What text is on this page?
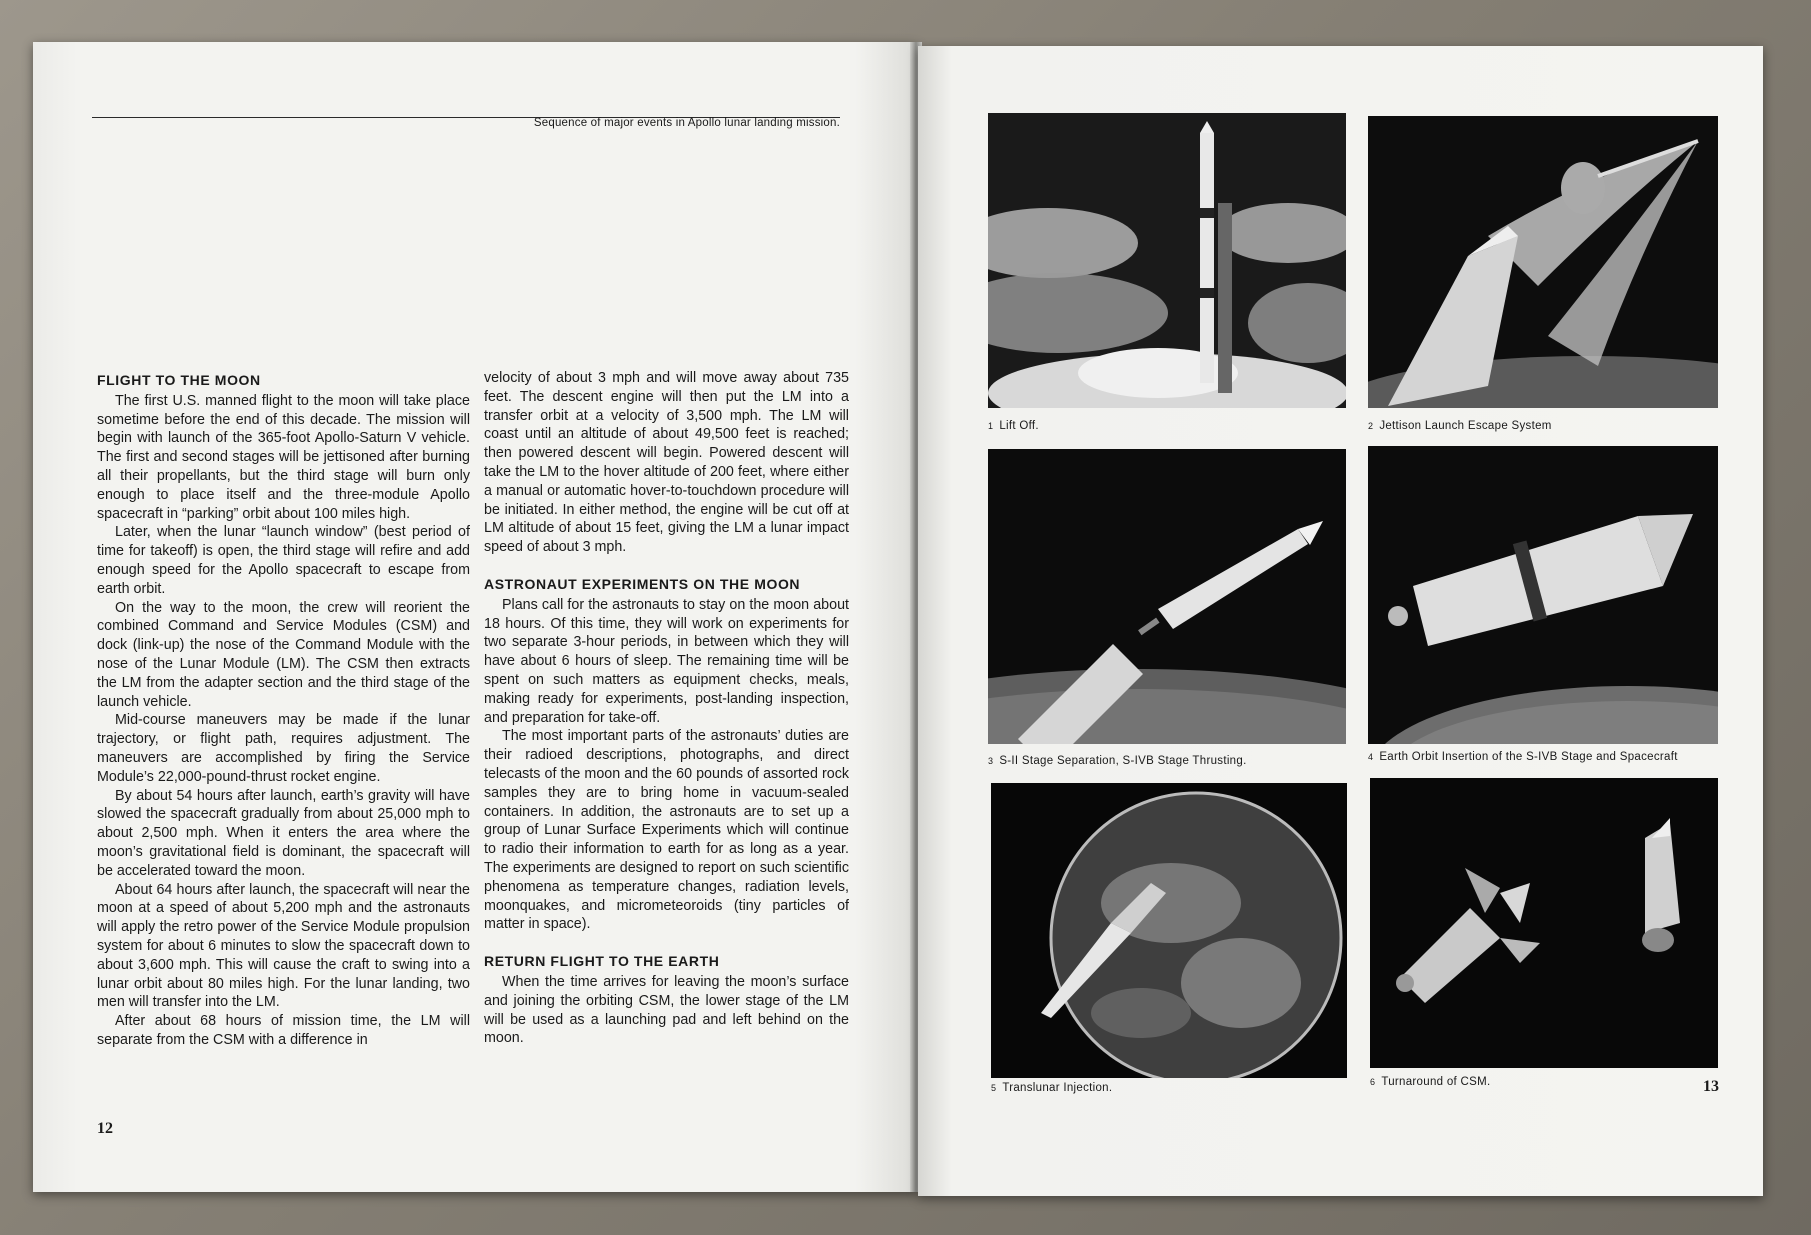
Sequence of major events in Apollo lunar landing mission.
FLIGHT TO THE MOON

The first U.S. manned flight to the moon will take place sometime before the end of this decade. The mission will begin with launch of the 365-foot Apollo-Saturn V vehicle. The first and second stages will be jettisoned after burning all their propellants, but the third stage will burn only enough to place itself and the three-module Apollo spacecraft in “parking” orbit about 100 miles high.

Later, when the lunar “launch window” (best period of time for takeoff) is open, the third stage will refire and add enough speed for the Apollo spacecraft to escape from earth orbit.

On the way to the moon, the crew will reorient the combined Command and Service Modules (CSM) and dock (link-up) the nose of the Command Module with the nose of the Lunar Module (LM). The CSM then extracts the LM from the adapter section and the third stage of the launch vehicle.

Mid-course maneuvers may be made if the lunar trajectory, or flight path, requires adjustment. The maneuvers are accomplished by firing the Service Module’s 22,000-pound-thrust rocket engine.

By about 54 hours after launch, earth’s gravity will have slowed the spacecraft gradually from about 25,000 mph to about 2,500 mph. When it enters the area where the moon’s gravitational field is dominant, the spacecraft will be accelerated toward the moon.

About 64 hours after launch, the spacecraft will near the moon at a speed of about 5,200 mph and the astronauts will apply the retro power of the Service Module propulsion system for about 6 minutes to slow the spacecraft down to about 3,600 mph. This will cause the craft to swing into a lunar orbit about 80 miles high. For the lunar landing, two men will transfer into the LM.

After about 68 hours of mission time, the LM will separate from the CSM with a difference in

velocity of about 3 mph and will move away about 735 feet. The descent engine will then put the LM into a transfer orbit at a velocity of 3,500 mph. The LM will coast until an altitude of about 49,500 feet is reached; then powered descent will begin. Powered descent will take the LM to the hover altitude of 200 feet, where either a manual or automatic hover-to-touchdown procedure will be initiated. In either method, the engine will be cut off at LM altitude of about 15 feet, giving the LM a lunar impact speed of about 3 mph.

ASTRONAUT EXPERIMENTS ON THE MOON

Plans call for the astronauts to stay on the moon about 18 hours. Of this time, they will work on experiments for two separate 3-hour periods, in between which they will have about 6 hours of sleep. The remaining time will be spent on such matters as equipment checks, meals, making ready for experiments, post-landing inspection, and preparation for take-off.

The most important parts of the astronauts’ duties are their radioed descriptions, photographs, and direct telecasts of the moon and the 60 pounds of assorted rock samples they are to bring home in vacuum-sealed containers. In addition, the astronauts are to set up a group of Lunar Surface Experiments which will continue to radio their information to earth for as long as a year. The experiments are designed to report on such scientific phenomena as temperature changes, radiation levels, moonquakes, and micrometeoroids (tiny particles of matter in space).

RETURN FLIGHT TO THE EARTH

When the time arrives for leaving the moon’s surface and joining the orbiting CSM, the lower stage of the LM will be used as a launching pad and left behind on the moon.

12
1 Lift Off.	2 Jettison Launch Escape System
3 S-II Stage Separation, S-IVB Stage Thrusting.	4 Earth Orbit Insertion of the S-IVB Stage and Spacecraft
5 Translunar Injection.	6 Turnaround of CSM.	13
